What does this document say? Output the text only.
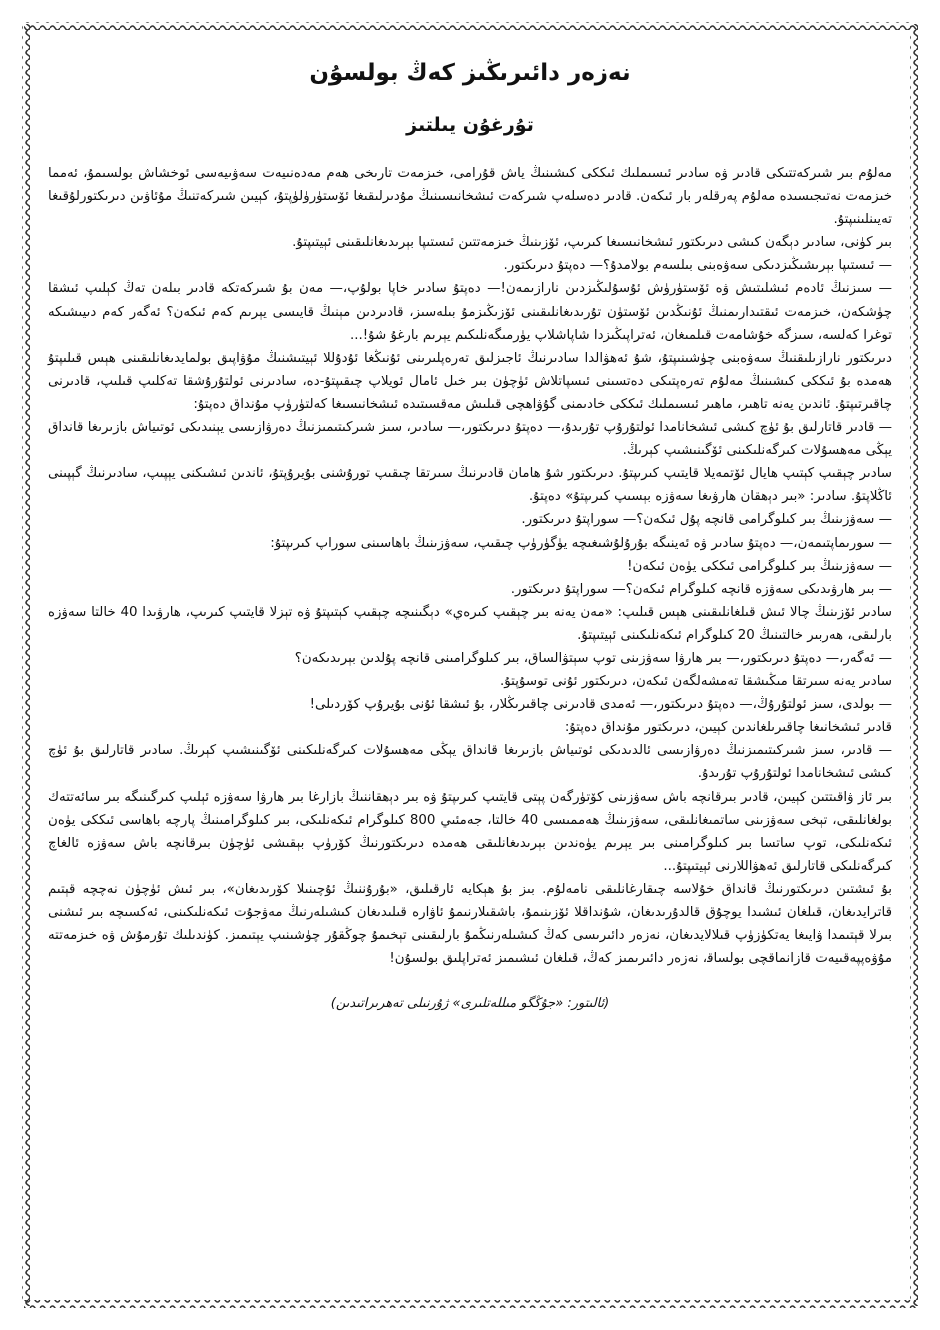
نەزەر دائىرىڭىز كەڭ بولسۇن
تۇرغۇن يىلتىز

ﻣﻪﻟﯘﻡ ﺑﯩﺮ ﺷﯩﺮﻛﻪﺗﺘﯩﻜﻰ ﻗﺎﺩﯨﺮ ﯞﻩ ﺳﺎﺩﯨﺮ ﺋﯩﺴﯩﻤﻠﯩﻚ ﺋﯩﻜﻜﻰ ﻛﯩﺸﯩﻨﯩﯔ ﻳﺎﺵ ﻗﯘﺭﺍﻣﻰ، ﺧﯩﺰﻣﻪﺕ ﺗﺎﺭﯨﺨﻰ ﮬﻪﻡ ﻣﻪﺩﻩﻧﯩﻴﻪﺕ ﺳﻪﯞﯨﻴﻪﺳﻰ ﺋﻮﺧﺸﺎﺵ ﺑﻮﻟﺴﯩﻤﯘ، ﺋﻪﻣﻤﺎ ﺧﯩﺰﻣﻪﺕ ﻧﻪﺗﯩﺠﯩﺴﯩﺪﻩ ﻣﻪﻟﯘﻡ ﭘﻪﺭﻗﻠﻪﺭ ﺑﺎﺭ ﺋﯩﻜﻪﻥ. ﻗﺎﺩﯨﺮ ﺩﻩﺳﻠﻪﭖ ﺷﯩﺮﻛﻪﺕ ﺋﯩﺸﺨﺎﻧﯩﺴﯩﻨﯩﯔ ﻣﯘﺩﯨﺮﻟﯩﻘﯩﻐﺎ ﺋﯚﺳﺘﯜﺭﯛﻟﯜﭘﺘﯘ، ﻛﯧﻴﯩﻦ ﺷﯩﺮﻛﻪﺗﻨﯩﯔ ﻣﯘﺋﺎﯞﯨﻦ ﺩﯨﺮﯨﻜﺘﻮﺭﻟﯘﻗﯩﻐﺎ ﺗﻪﻳﯩﻨﻠﯩﻨﯩﭙﺘﯘ.

ﺑﯩﺮ ﻛﯜﻧﻰ، ﺳﺎﺩﯨﺮ ﺩﯦﮕﻪﻥ ﻛﯩﺸﻰ ﺩﯨﺮﯨﻜﺘﻮﺭ ﺋﯩﺸﺨﺎﻧﯩﺴﯩﻐﺎ ﻛﯩﺮﯨﭗ، ﺋﯚﺯﯨﻨﯩﯔ ﺧﯩﺰﻣﻪﺗﺘﯩﻦ ﺋﯩﺴﺘﯩﭙﺎ ﺑﯧﺮﯨﺪﯨﻐﺎﻧﻠﯩﻘﯩﻨﻰ ﺋﯧﻴﺘﯩﭙﺘﯘ.

— ﺋﯩﺴﺘﯩﭙﺎ ﺑﯧﺮﯨﺸﯩﯖﯩﺰﺩﯨﻜﻰ ﺳﻪﯞﻩﺑﻨﻰ ﺑﯩﻠﺴﻪﻡ ﺑﻮﻻﻣﺪﯗ؟— ﺩﻩﭘﺘﯘ ﺩﯨﺮﯨﻜﺘﻮﺭ.

— ﺳﯩﺰﻧﯩﯔ ﺋﺎﺩﻩﻡ ﺋﯩﺸﻠﯩﺘﯩﺶ ﯞﻩ ﺋﯚﺳﺘﯜﺭﯛﺵ ﺋﯘﺳﯘﻟﯩﯖﯩﺰﺩﯨﻦ ﻧﺎﺭﺍﺯﯨﻤﻪﻥ!— ﺩﻩﭘﺘﯘ ﺳﺎﺩﯨﺮ ﺧﺎﭘﺎ ﺑﻮﻟﯘﭖ،— ﻣﻪﻥ ﺑﯘ ﺷﯩﺮﻛﻪﺗﻜﻪ ﻗﺎﺩﯨﺮ ﺑﯩﻠﻪﻥ ﺗﻪﯓ ﻛﯧﻠﯩﭗ ﺋﯩﺸﻘﺎ ﭼﯜﺷﻜﻪﻥ، ﺧﯩﺰﻣﻪﺕ ﺋﯩﻘﺘﯩﺪﺍﺭﯨﻤﻨﯩﯔ ﺋﯘﻧﯩﯖﺪﯨﻦ ﺋﯚﺳﺘﯜﻥ ﺗﯘﺭﯨﺪﯨﻐﺎﻧﻠﯩﻘﯩﻨﻰ ﺋﯚﺯﯨﯖﯩﺰﻣﯘ ﺑﯩﻠﻪﺳﯩﺰ، ﻗﺎﺩﯨﺮﺩﯨﻦ ﻣﯧﻨﯩﯔ ﻗﺎﻳﯩﺴﻰ ﻳﯧﺮﯨﻢ ﻛﻪﻡ ﺋﯩﻜﻪﻥ؟ ﺋﻪﮔﻪﺭ ﻛﻪﻡ ﺩﯨﻴﯩﺸﯩﻜﻪ ﺗﻮﻏﺮﺍ ﻛﻪﻟﺴﻪ، ﺳﯩﺰﮔﻪ ﺧﯘﺷﺎﻣﻪﺕ ﻗﯩﻠﻤﯩﻐﺎﻥ، ﺋﻪﺗﺮﺍﭘﯩﯖﯩﺰﺩﺍ ﺷﺎﭘﺎﺷﻼﭖ ﻳﯜﺭﻣﯩﮕﻪﻧﻠﯩﻜﯩﻢ ﻳﯧﺮﯨﻢ ﺑﺎﺭﻏﯘ ﺷﯘ!...

ﺩﯨﺮﯨﻜﺘﻮﺭ ﻧﺎﺭﺍﺯﯨﻠﯩﻘﻨﯩﯔ ﺳﻪﯞﻩﺑﻨﻰ ﭼﯜﺷﯩﻨﯩﭙﺘﯘ، ﺷﯘ ﺋﻪﮬﯟﺍﻟﺪﺍ ﺳﺎﺩﯨﺮﻧﯩﯔ ﺋﺎﺟﯩﺰﻟﯩﻖ ﺗﻪﺭﻩﭘﻠﯩﺮﯨﻨﻰ ﺋﯘﻧﯩﯖﻐﺎ ﺋﯘﺩﯗﻟﻼ ﺋﯧﻴﺘﯩﺸﻨﯩﯔ ﻣﯘﯞﺍﭘﯩﻖ ﺑﻮﻟﻤﺎﻳﺪﯨﻐﺎﻧﻠﯩﻘﯩﻨﻰ ﮬﯧﺲ ﻗﯩﻠﯩﭙﺘﯘ ﮬﻪﻣﺪﻩ ﺑﯘ ﺋﯩﻜﻜﻰ ﻛﯩﺸﯩﻨﯩﯔ ﻣﻪﻟﯘﻡ ﺗﻪﺭﻩﭘﺘﯩﻜﻰ ﺩﻩﺗﺴﯩﻨﻰ ﺋﯩﺴﭙﺎﺗﻼﺵ ﺋﯜﭼﯜﻥ ﺑﯩﺮ ﺧﯩﻞ ﺋﺎﻣﺎﻝ ﺋﻮﻳﻼﭖ ﭼﯩﻘﯩﭙﺘﯘ-ﺩﻩ، ﺳﺎﺩﯨﺮﻧﻰ ﺋﻮﻟﺘﯘﺭﯗﺷﻘﺎ ﺗﻪﻛﻠﯩﭗ ﻗﯩﻠﯩﭗ، ﻗﺎﺩﯨﺮﻧﻰ ﭼﺎﻗﯩﺮﺗﯩﭙﺘﯘ. ﺋﺎﻧﺪﯨﻦ ﻳﻪﻧﻪ ﺗﺎﮬﯩﺮ، ﻣﺎﮬﯩﺮ ﺋﯩﺴﯩﻤﻠﯩﻚ ﺋﯩﻜﻜﻰ ﺧﺎﺩﯨﻤﻨﻰ ﮔﯘﯞﺍﮬﭽﻰ ﻗﯩﻠﯩﺶ ﻣﻪﻗﺴﯩﺘﯩﺪﻩ ﺋﯩﺸﺨﺎﻧﯩﺴﯩﻐﺎ ﻛﻪﻟﺘﯜﺭﯛﭖ ﻣﯘﻧﺪﺍﻕ ﺩﻩﭘﺘﯘ:

— ﻗﺎﺩﯨﺮ ﻗﺎﺗﺎﺭﻟﯩﻖ ﺑﯘ ﺋﯜﭺ ﻛﯩﺸﻰ ﺋﯩﺸﺨﺎﻧﺎﻣﺪﺍ ﺋﻮﻟﺘﯘﺭﯗﭖ ﺗﯘﺭﯨﺪﯗ،— ﺩﻩﭘﺘﯘ ﺩﯨﺮﯨﻜﺘﻮﺭ،— ﺳﺎﺩﯨﺮ، ﺳﯩﺰ ﺷﯩﺮﻛﯩﺘﯩﻤﯩﺰﻧﯩﯔ ﺩﻩﺭﯞﺍﺯﯨﺴﻰ ﻳﯧﻨﯩﺪﯨﻜﻰ ﺋﻮﺗﯩﻴﺎﺵ ﺑﺎﺯﯨﺮﯨﻐﺎ ﻗﺎﻧﺪﺍﻕ ﻳﯧﯖﻰ ﻣﻪﮬﺴﯘﻻﺕ ﻛﯩﺮﮔﻪﻧﻠﯩﻜﯩﻨﻰ ﺋﯚﮔﯩﻨﯩﺸﯩﭗ ﻛﯧﺮﯨﯔ.

ﺳﺎﺩﯨﺮ ﭼﯧﻘﯩﭗ ﻛﯧﺘﯩﭗ ﮬﺎﻳﺎﻝ ﺋﯚﺗﻤﻪﻳﻼ ﻗﺎﻳﺘﯩﭗ ﻛﯩﺮﯨﭙﺘﯘ. ﺩﯨﺮﯨﻜﺘﻮﺭ ﺷﯘ ﮬﺎﻣﺎﻥ ﻗﺎﺩﯨﺮﻧﯩﯔ ﺳﯩﺮﺗﻘﺎ ﭼﯩﻘﯩﭗ ﺗﻮﺭﯗﺷﻨﻰ ﺑﯘﻳﺮﯗﭘﺘﯘ، ﺋﺎﻧﺪﯨﻦ ﺋﯩﺸﯩﻜﻨﻰ ﻳﯧﭙﯩﭗ، ﺳﺎﺩﯨﺮﻧﯩﯔ ﮔﯧﭙﯩﻨﻰ ﺋﺎﯕﻼﭘﺘﯘ. ﺳﺎﺩﯨﺮ: «ﺑﯩﺮ ﺩﯦﮬﻘﺎﻥ ﮬﺎﺭﯞﯨﻐﺎ ﺳﻪﯞﺯﻩ ﺑﯧﺴﯩﭗ ﻛﯩﺮﯨﭙﺘﯘ» ﺩﻩﭘﺘﯘ.

— ﺳﻪﯞﺯﯨﻨﯩﯔ ﺑﯩﺮ ﻛﯩﻠﻮﮔﺮﺍﻣﻰ ﻗﺎﻧﭽﻪ ﭘﯘﻝ ﺋﯩﻜﻪﻥ؟— ﺳﻮﺭﺍﭘﺘﯘ ﺩﯨﺮﯨﻜﺘﻮﺭ.

— ﺳﻮﺭﯨﻤﺎﭘﺘﯩﻤﻪﻥ،— ﺩﻩﭘﺘﯘ ﺳﺎﺩﯨﺮ ﯞﻩ ﺋﻪﻳﻨﯩﮕﻪ ﺑﯘﺭﯗﻟﯘﺷﯩﻐﯩﭽﻪ ﻳﯜﮔﯜﺭﯛﭖ ﭼﯩﻘﯩﭗ، ﺳﻪﯞﺯﯨﻨﯩﯔ ﺑﺎﮬﺎﺳﯩﻨﻰ ﺳﻮﺭﺍﭖ ﻛﯩﺮﯨﭙﺘﯘ:

— ﺳﻪﯞﺯﯨﻨﯩﯔ ﺑﯩﺮ ﻛﯩﻠﻮﮔﺮﺍﻣﻰ ﺋﯩﻜﻜﻰ ﻳﯜﻩﻥ ﺋﯩﻜﻪﻥ!

— ﺑﯩﺮ ﮬﺎﺭﯞﯨﺪﯨﻜﻰ ﺳﻪﯞﺯﻩ ﻗﺎﻧﭽﻪ ﻛﯩﻠﻮﮔﺮﺍﻡ ﺋﯩﻜﻪﻥ؟— ﺳﻮﺭﺍﭘﺘﯘ ﺩﯨﺮﯨﻜﺘﻮﺭ.

ﺳﺎﺩﯨﺮ ﺋﯚﺯﯨﻨﯩﯔ ﭼﺎﻻ ﺋﯩﺶ ﻗﯩﻠﻐﺎﻧﻠﯩﻘﯩﻨﻰ ﮬﯧﺲ ﻗﯩﻠﯩﭗ: «ﻣﻪﻥ ﻳﻪﻧﻪ ﺑﯩﺮ ﭼﯧﻘﯩﭗ ﻛﯩﺮﻩﻱ» ﺩﯦﮕﯩﻨﯩﭽﻪ ﭼﯧﻘﯩﭗ ﻛﯧﺘﯩﭙﺘﯘ ﯞﻩ ﺗﯧﺰﻻ ﻗﺎﻳﺘﯩﭗ ﻛﯩﺮﯨﭗ، ﮬﺎﺭﯞﯨﺪﺍ 40 ﺧﺎﻟﺘﺎ ﺳﻪﯞﺯﻩ ﺑﺎﺭﻟﯩﻘﻰ، ﮬﻪﺭﺑﯩﺮ ﺧﺎﻟﺘﯩﻨﯩﯔ 20 ﻛﯩﻠﻮﮔﺮﺍﻡ ﺋﯩﻜﻪﻧﻠﯩﻜﯩﻨﻰ ﺋﯧﻴﺘﯩﭙﺘﯘ.

— ﺋﻪﮔﻪﺭ،— ﺩﻩﭘﺘﯘ ﺩﯨﺮﯨﻜﺘﻮﺭ،— ﺑﯩﺮ ﮬﺎﺭﯞﺍ ﺳﻪﯞﺯﯨﻨﻰ ﺗﻮﭖ ﺳﯧﺘﯟﺍﻟﺴﺎﻕ، ﺑﯩﺮ ﻛﯩﻠﻮﮔﺮﺍﻣﯩﻨﻰ ﻗﺎﻧﭽﻪ ﭘﯘﻟﺪﯨﻦ ﺑﯧﺮﯨﺪﯨﻜﻪﻥ؟

ﺳﺎﺩﯨﺮ ﻳﻪﻧﻪ ﺳﯩﺮﺗﻘﺎ ﻣﯩﯖﯩﺸﻘﺎ ﺗﻪﻣﺸﻪﻟﮕﻪﻥ ﺋﯩﻜﻪﻥ، ﺩﯨﺮﯨﻜﺘﻮﺭ ﺋﯘﻧﻰ ﺗﻮﺳﯘﭘﺘﯘ.

— ﺑﻮﻟﺪﻯ، ﺳﯩﺰ ﺋﻮﻟﺘﯘﺭﯗﯓ،— ﺩﻩﭘﺘﯘ ﺩﯨﺮﯨﻜﺘﻮﺭ،— ﺋﻪﻣﺪﻯ ﻗﺎﺩﯨﺮﻧﻰ ﭼﺎﻗﯩﺮﯨﯖﻼﺭ، ﺑﯘ ﺋﯩﺸﻘﺎ ﺋﯘﻧﻰ ﺑﯘﻳﺮﯗﭖ ﻛﯚﺭﺩﯨﻠﻰ!

ﻗﺎﺩﯨﺮ ﺋﯩﺸﺨﺎﻧﯩﻐﺎ ﭼﺎﻗﯩﺮﯨﻠﻐﺎﻧﺪﯨﻦ ﻛﯧﻴﯩﻦ، ﺩﯨﺮﯨﻜﺘﻮﺭ ﻣﯘﻧﺪﺍﻕ ﺩﻩﭘﺘﯘ:

— ﻗﺎﺩﯨﺮ، ﺳﯩﺰ ﺷﯩﺮﻛﯩﺘﯩﻤﯩﺰﻧﯩﯔ ﺩﻩﺭﯞﺍﺯﯨﺴﻰ ﺋﺎﻟﺪﯨﺪﯨﻜﻰ ﺋﻮﺗﯩﻴﺎﺵ ﺑﺎﺯﯨﺮﯨﻐﺎ ﻗﺎﻧﺪﺍﻕ ﻳﯧﯖﻰ ﻣﻪﮬﺴﯘﻻﺕ ﻛﯩﺮﮔﻪﻧﻠﯩﻜﯩﻨﻰ ﺋﯚﮔﯩﻨﯩﺸﯩﭗ ﻛﯧﺮﯨﯔ. ﺳﺎﺩﯨﺮ ﻗﺎﺗﺎﺭﻟﯩﻖ ﺑﯘ ﺋﯜﭺ ﻛﯩﺸﻰ ﺋﯩﺸﺨﺎﻧﺎﻣﺪﺍ ﺋﻮﻟﺘﯘﺭﯗﭖ ﺗﯘﺭﯨﺪﯗ.

ﺑﯩﺮ ﺋﺎﺯ ﯞﺍﻗﯩﺘﺘﯩﻦ ﻛﯧﻴﯩﻦ، ﻗﺎﺩﯨﺮ ﺑﯩﺮﻗﺎﻧﭽﻪ ﺑﺎﺵ ﺳﻪﯞﺯﯨﻨﻰ ﻛﯚﺗﯜﺭﮔﻪﻥ ﭘﯧﺘﻰ ﻗﺎﻳﺘﯩﭗ ﻛﯩﺮﯨﭙﺘﯘ ﯞﻩ ﺑﯩﺮ ﺩﯦﮬﻘﺎﻧﻨﯩﯔ ﺑﺎﺯﺍﺭﻏﺎ ﺑﯩﺮ ﮬﺎﺭﯞﺍ ﺳﻪﯞﺯﻩ ﺋﯧﻠﯩﭗ ﻛﯩﺮﮔﯩﻨﯩﮕﻪ ﺑﯩﺮ ﺳﺎﺋﻪﺗﺘﻪﻙ ﺑﻮﻟﻐﺎﻧﻠﯩﻘﻰ، ﺗﯧﺨﻰ ﺳﻪﯞﺯﯨﻨﻰ ﺳﺎﺗﻤﯩﻐﺎﻧﻠﯩﻘﻰ، ﺳﻪﯞﺯﯨﻨﯩﯔ ﮬﻪﻣﻤﯩﺴﻰ 40 ﺧﺎﻟﺘﺎ، ﺟﻪﻣﺌﯩﻲ 800 ﻛﯩﻠﻮﮔﺮﺍﻡ ﺋﯩﻜﻪﻧﻠﯩﻜﻰ، ﺑﯩﺮ ﻛﯩﻠﻮﮔﺮﺍﻣﯩﻨﯩﯔ ﭘﺎﺭﭼﻪ ﺑﺎﮬﺎﺳﻰ ﺋﯩﻜﻜﻰ ﻳﯜﻩﻥ ﺋﯩﻜﻪﻧﻠﯩﻜﻰ، ﺗﻮﭖ ﺳﺎﺗﺴﺎ ﺑﯩﺮ ﻛﯩﻠﻮﮔﺮﺍﻣﯩﻨﻰ ﺑﯩﺮ ﻳﯧﺮﯨﻢ ﻳﯜﻩﻧﺪﯨﻦ ﺑﯧﺮﯨﺪﯨﻐﺎﻧﻠﯩﻘﻰ ﮬﻪﻣﺪﻩ ﺩﯨﺮﯨﻜﺘﻮﺭﻧﯩﯔ ﻛﯚﺭﯛﭖ ﺑﯧﻘﯩﺸﻰ ﺋﯜﭼﯜﻥ ﺑﯩﺮﻗﺎﻧﭽﻪ ﺑﺎﺵ ﺳﻪﯞﺯﻩ ﺋﺎﻟﻐﺎﭺ ﻛﯩﺮﮔﻪﻧﻠﯩﻜﻰ ﻗﺎﺗﺎﺭﻟﯩﻖ ﺋﻪﮬﯟﺍﻟﻼﺭﻧﻰ ﺋﯧﻴﺘﯩﭙﺘﯘ...

ﺑﯘ ﺋﯩﺸﺘﯩﻦ ﺩﯨﺮﯨﻜﺘﻮﺭﻧﯩﯔ ﻗﺎﻧﺪﺍﻕ ﺧﯘﻻﺳﻪ ﭼﯩﻘﺎﺭﻏﺎﻧﻠﯩﻘﻰ ﻧﺎﻣﻪﻟﯘﻡ. ﺑﯩﺰ ﺑﯘ ﮬﯧﻜﺎﻳﻪ ﺋﺎﺭﻗﯩﻠﯩﻖ، «ﺑﯘﺭﯗﻧﻨﯩﯔ ﺋﯘﭼﯩﻨﯩﻼ ﻛﯚﺭﯨﺪﯨﻐﺎﻥ»، ﺑﯩﺮ ﺋﯩﺶ ﺋﯜﭼﯜﻥ ﻧﻪﭼﭽﻪ ﻗﯧﺘﯩﻢ ﻗﺎﺗﺮﺍﻳﺪﯨﻐﺎﻥ، ﻗﯩﻠﻐﺎﻥ ﺋﯩﺸﯩﺪﺍ ﻳﻮﭼﯘﻕ ﻗﺎﻟﺪﯗﺭﯨﺪﯨﻐﺎﻥ، ﺷﯘﻧﺪﺍﻗﻼ ﺋﯚﺯﯨﻨﯩﻤﯘ، ﺑﺎﺷﻘﯩﻼﺭﻧﯩﻤﯘ ﺋﺎﯞﺍﺭﻩ ﻗﯩﻠﯩﺪﯨﻐﺎﻥ ﻛﯩﺸﯩﻠﻪﺭﻧﯩﯔ ﻣﻪﯞﺟﯘﺕ ﺋﯩﻜﻪﻧﻠﯩﻜﯩﻨﻰ، ﺋﻪﻛﺴﯩﭽﻪ ﺑﯩﺮ ﺋﯩﺸﻨﻰ ﺑﯩﺮﻻ ﻗﯧﺘﯩﻤﺪﺍ ﯞﺍﻳﯩﻐﺎ ﻳﻪﺗﻜﯜﺯﯛﭖ ﻗﯩﻼﻻﻳﺪﯨﻐﺎﻥ، ﻧﻪﺯﻩﺭ ﺩﺍﺋﯩﺮﯨﺴﻰ ﻛﻪﯓ ﻛﯩﺸﯩﻠﻪﺭﻧﯩﯖﻤﯘ ﺑﺎﺭﻟﯩﻘﯩﻨﻰ ﺗﯧﺨﯩﻤﯘ ﭼﻮﯕﻘﯘﺭ ﭼﯜﺷﯩﻨﯩﭗ ﻳﯧﺘﯩﻤﯩﺰ. ﻛﯜﻧﺪﯨﻠﯩﻚ ﺗﯘﺭﻣﯘﺵ ﯞﻩ ﺧﯩﺰﻣﻪﺗﺘﻪ ﻣﯘﯞﻩﭘﭙﻪﻗﯩﻴﻪﺕ ﻗﺎﺯﺍﻧﻤﺎﻗﭽﻰ ﺑﻮﻟﺴﺎﻗ، ﻧﻪﺯﻩﺭ ﺩﺍﺋﯩﺮﯨﻤﯩﺰ ﻛﻪﯓ، ﻗﯩﻠﻐﺎﻥ ﺋﯩﺸﯩﻤﯩﺰ ﺋﻪﺗﺮﺍﭘﻠﯩﻖ ﺑﻮﻟﺴﯘﻥ!

(ئالىتور: «جۇڭگو مىللەتلىرى» ژۇرنىلى تەھرىراتىدىن)
